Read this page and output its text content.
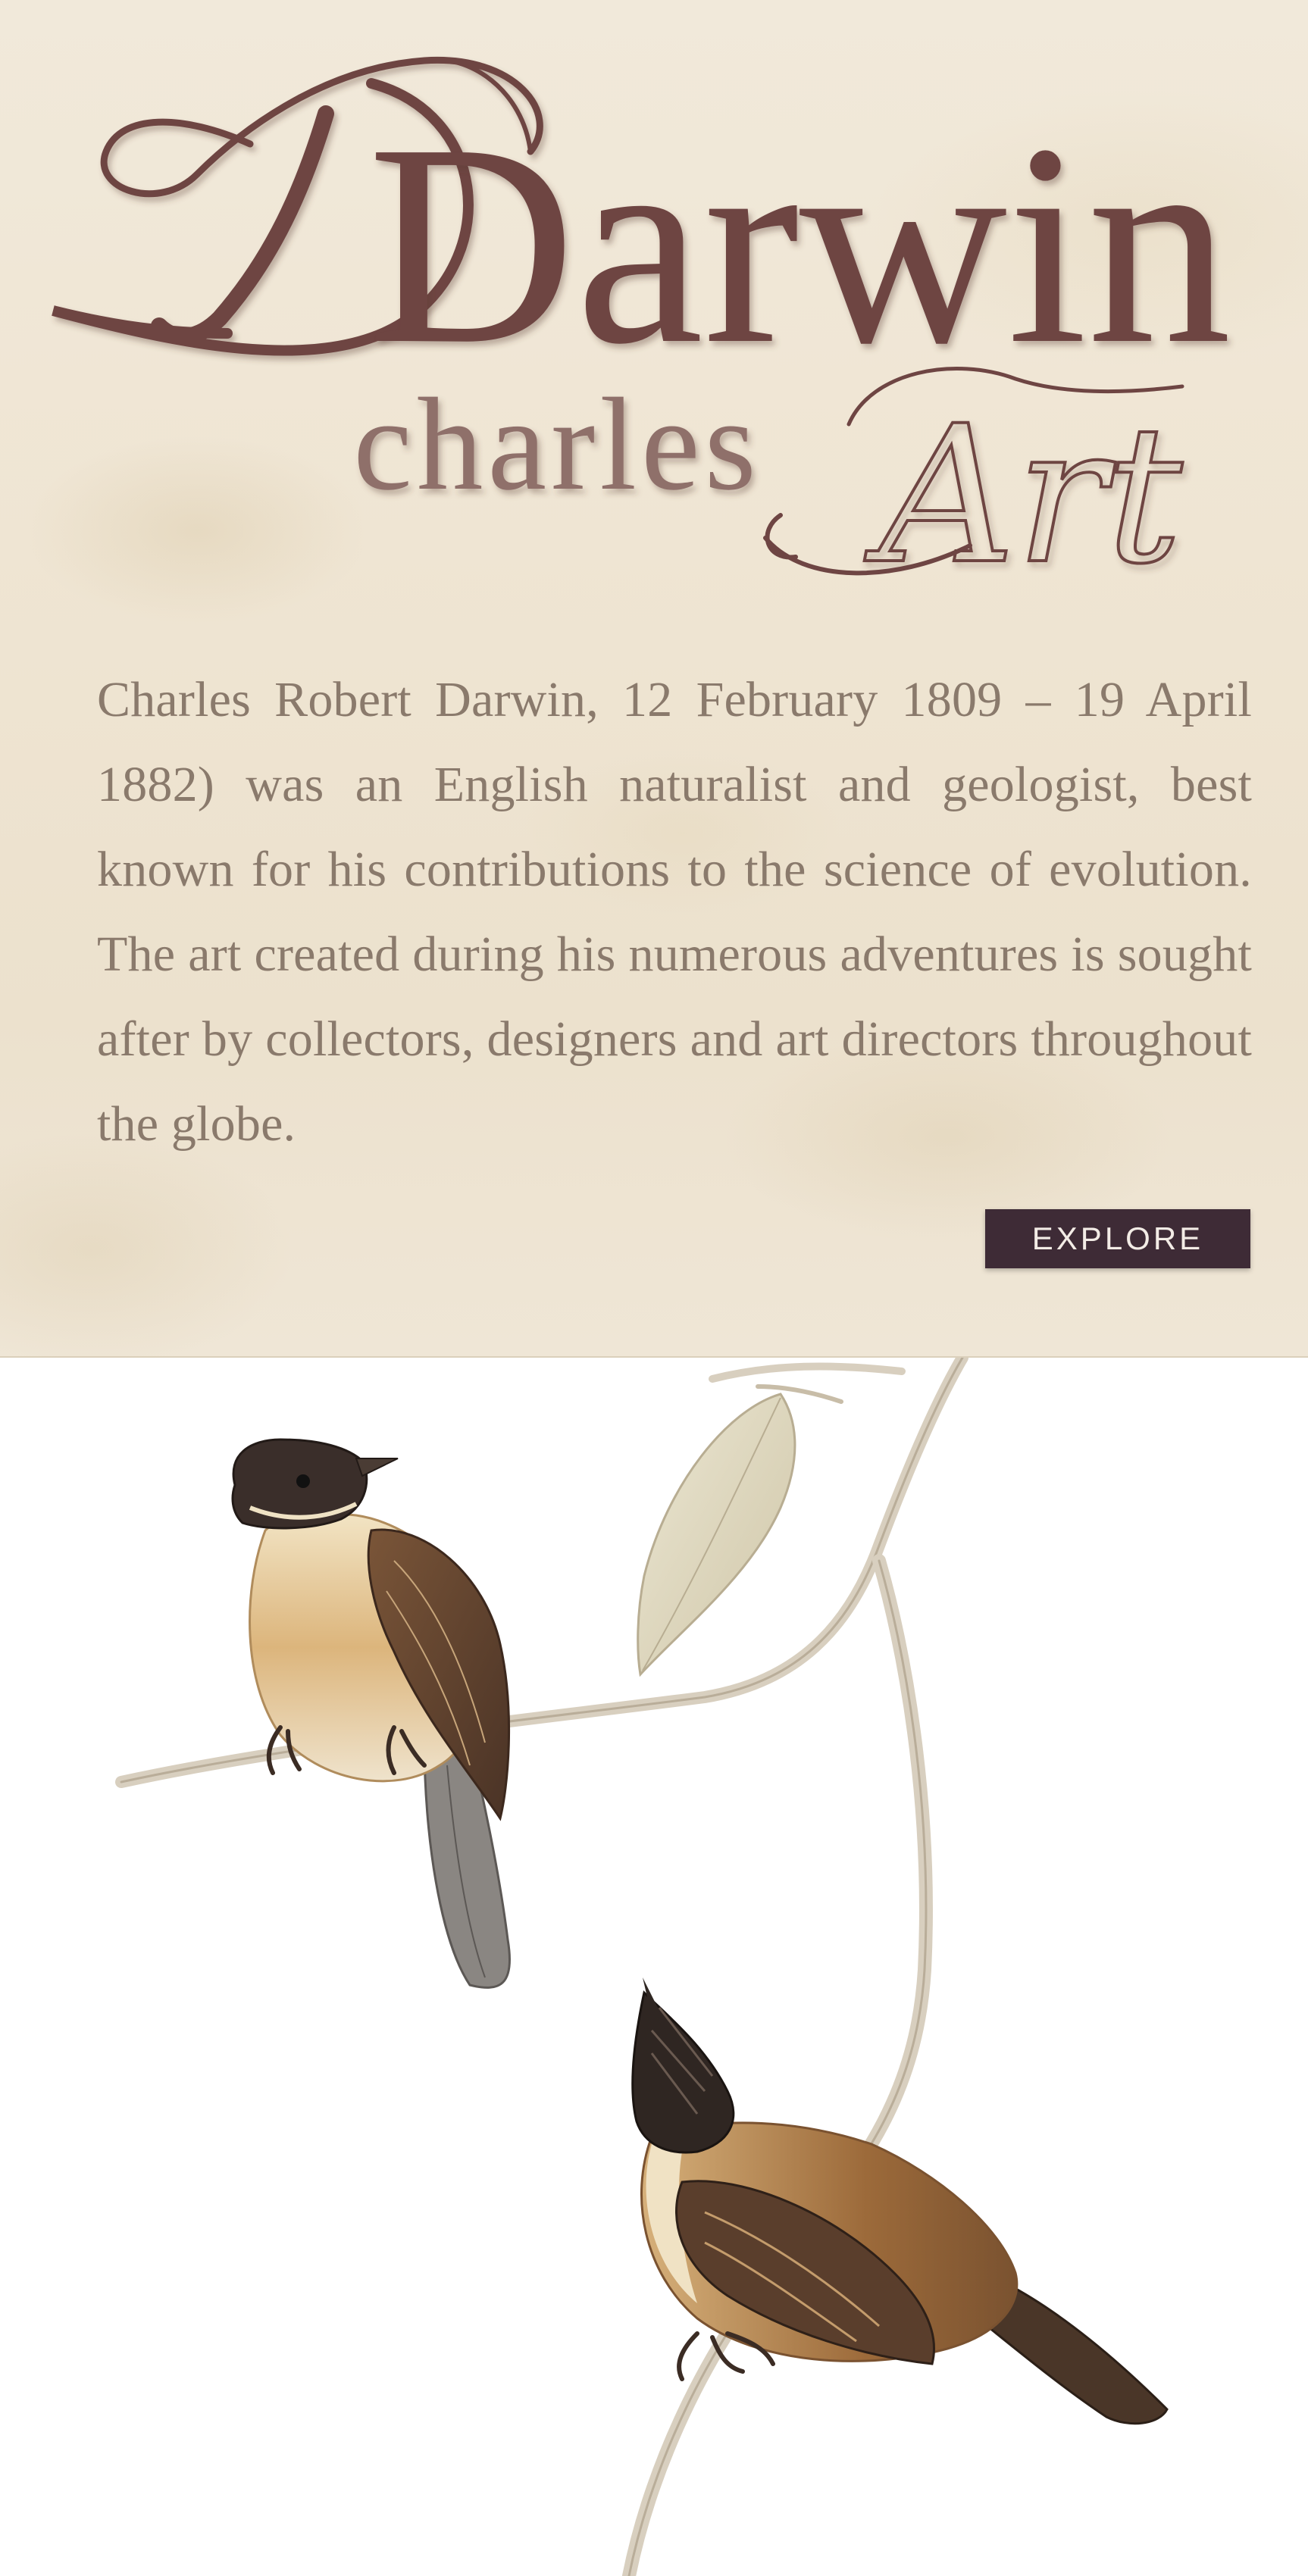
Darwin
charles Art

Charles Robert Darwin, 12 February 1809 – 19 April 1882) was an English naturalist and geologist, best known for his contributions to the science of evolution. The art created during his numerous adventures is sought after by collectors, designers and art directors throughout the globe.

EXPLORE
